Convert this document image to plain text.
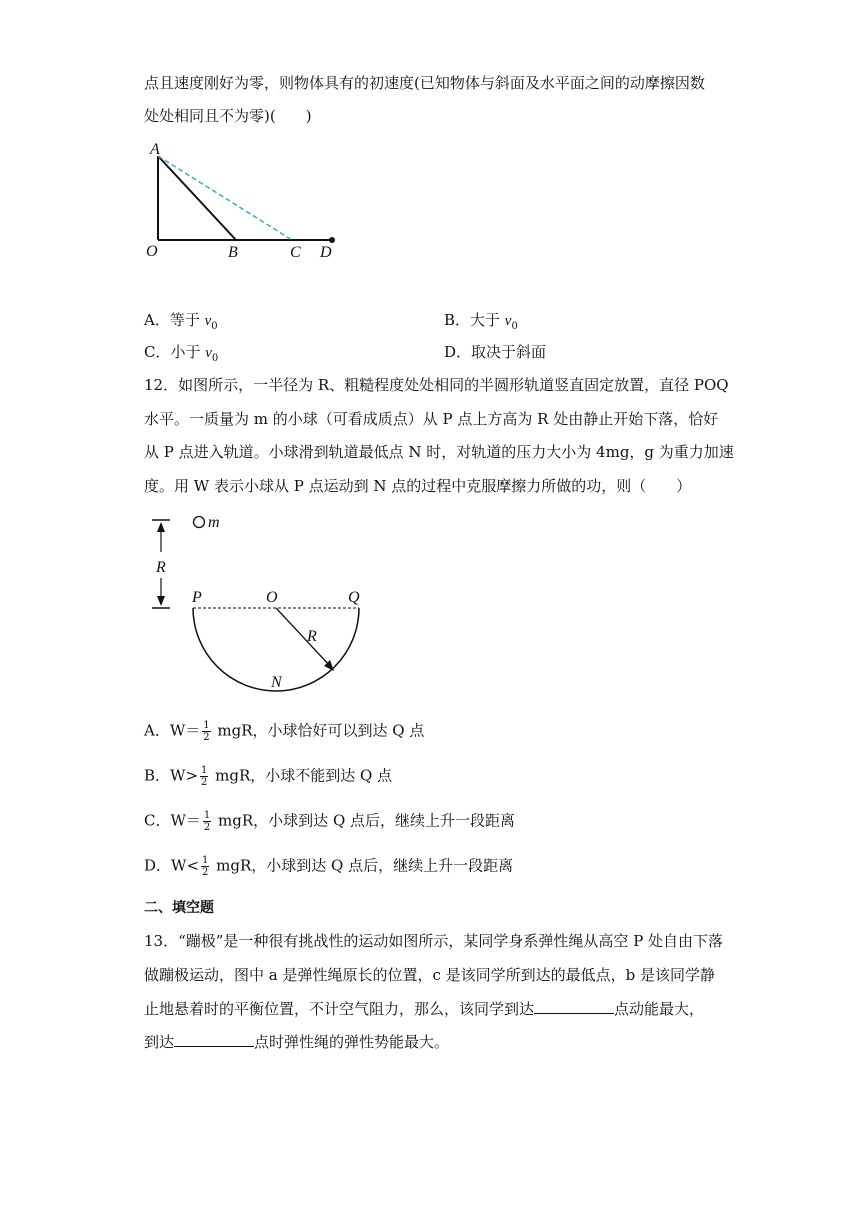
点且速度刚好为零，则物体具有的初速度(已知物体与斜面及水平面之间的动摩擦因数
处处相同且不为零)(　　)
A
O	B	C D
A．等于 $v_0$	B．大于 $v_0$
C．小于 $v_0$	D．取决于斜面
12．如图所示，一半径为 R、粗糙程度处处相同的半圆形轨道竖直固定放置，直径 POQ
水平。一质量为 m 的小球（可看成质点）从 P 点上方高为 R 处由静止开始下落，恰好
从 P 点进入轨道。小球滑到轨道最低点 N 时，对轨道的压力大小为 4mg，g 为重力加速
度。用 W 表示小球从 P 点运动到 N 点的过程中克服摩擦力所做的功，则（　　）
R
m
P	O	Q
R
N
A．$W= \frac{1}{2}$ mgR，小球恰好可以到达 Q 点
B．$W> \frac{1}{2}$ mgR，小球不能到达 Q 点
C．$W= \frac{1}{2}$ mgR，小球到达 Q 点后，继续上升一段距离
D．$W< \frac{1}{2}$ mgR，小球到达 Q 点后，继续上升一段距离
二、填空题
13．“蹦极”是一种很有挑战性的运动如图所示，某同学身系弹性绳从高空 P 处自由下落
做蹦极运动，图中 a 是弹性绳原长的位置，c 是该同学所到达的最低点，b 是该同学静
止地悬着时的平衡位置，不计空气阻力，那么，该同学到达	点动能最大，
到达	点时弹性绳的弹性势能最大。
